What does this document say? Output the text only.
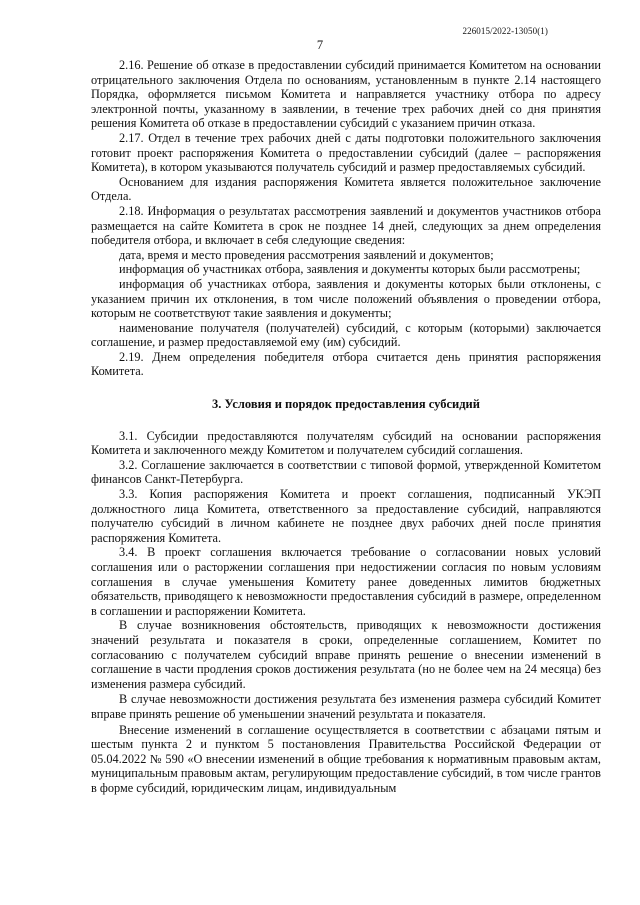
226015/2022-13050(1)
7

2.16. Решение об отказе в предоставлении субсидий принимается Комитетом на основании отрицательного заключения Отдела по основаниям, установленным в пункте 2.14 настоящего Порядка, оформляется письмом Комитета и направляется участнику отбора по адресу электронной почты, указанному в заявлении, в течение трех рабочих дней со дня принятия решения Комитета об отказе в предоставлении субсидий с указанием причин отказа.

2.17. Отдел в течение трех рабочих дней с даты подготовки положительного заключения готовит проект распоряжения Комитета о предоставлении субсидий (далее – распоряжения Комитета), в котором указываются получатель субсидий и размер предоставляемых субсидий.

Основанием для издания распоряжения Комитета является положительное заключение Отдела.

2.18. Информация о результатах рассмотрения заявлений и документов участников отбора размещается на сайте Комитета в срок не позднее 14 дней, следующих за днем определения победителя отбора, и включает в себя следующие сведения:

дата, время и место проведения рассмотрения заявлений и документов;

информация об участниках отбора, заявления и документы которых были рассмотрены;

информация об участниках отбора, заявления и документы которых были отклонены, с указанием причин их отклонения, в том числе положений объявления о проведении отбора, которым не соответствуют такие заявления и документы;

наименование получателя (получателей) субсидий, с которым (которыми) заключается соглашение, и размер предоставляемой ему (им) субсидий.

2.19. Днем определения победителя отбора считается день принятия распоряжения Комитета.

3. Условия и порядок предоставления субсидий

3.1. Субсидии предоставляются получателям субсидий на основании распоряжения Комитета и заключенного между Комитетом и получателем субсидий соглашения.

3.2. Соглашение заключается в соответствии с типовой формой, утвержденной Комитетом финансов Санкт-Петербурга.

3.3. Копия распоряжения Комитета и проект соглашения, подписанный УКЭП должностного лица Комитета, ответственного за предоставление субсидий, направляются получателю субсидий в личном кабинете не позднее двух рабочих дней после принятия распоряжения Комитета.

3.4. В проект соглашения включается требование о согласовании новых условий соглашения или о расторжении соглашения при недостижении согласия по новым условиям соглашения в случае уменьшения Комитету ранее доведенных лимитов бюджетных обязательств, приводящего к невозможности предоставления субсидий в размере, определенном в соглашении и распоряжении Комитета.

В случае возникновения обстоятельств, приводящих к невозможности достижения значений результата и показателя в сроки, определенные соглашением, Комитет по согласованию с получателем субсидий вправе принять решение о внесении изменений в соглашение в части продления сроков достижения результата (но не более чем на 24 месяца) без изменения размера субсидий.

В случае невозможности достижения результата без изменения размера субсидий Комитет вправе принять решение об уменьшении значений результата и показателя.

Внесение изменений в соглашение осуществляется в соответствии с абзацами пятым и шестым пункта 2 и пунктом 5 постановления Правительства Российской Федерации от 05.04.2022 № 590 «О внесении изменений в общие требования к нормативным правовым актам, муниципальным правовым актам, регулирующим предоставление субсидий, в том числе грантов в форме субсидий, юридическим лицам, индивидуальным
